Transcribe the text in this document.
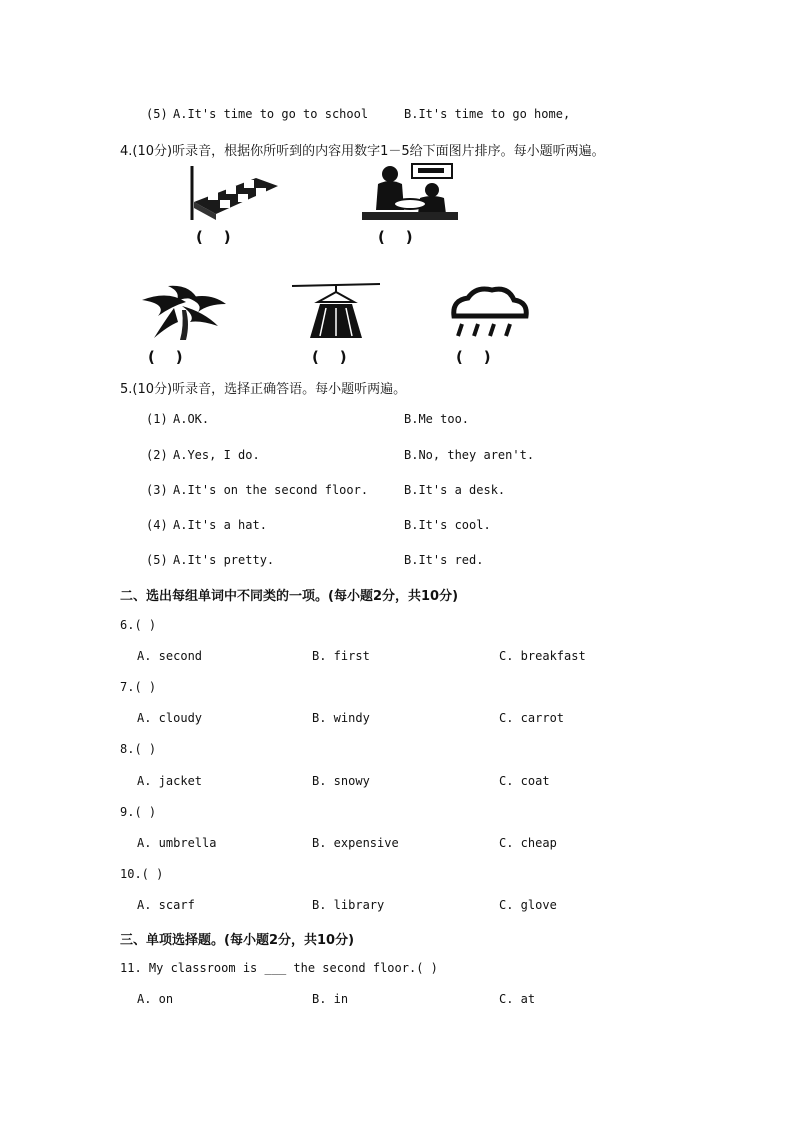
(5) A.It's time to go to school	B.It's time to go home,
4.(10分)听录音，根据你所听到的内容用数字1－5给下面图片排序。每小题听两遍。
(    )	(    )
(    )	(    )	(    )
5.(10分)听录音，选择正确答语。每小题听两遍。
(1) A.OK.	B.Me too.
(2) A.Yes, I do.	B.No, they aren't.
(3) A.It's on the second floor.	B.It's a desk.
(4) A.It's a hat.	B.It's cool.
(5) A.It's pretty.	B.It's red.
二、选出每组单词中不同类的一项。(每小题2分，共10分)
6.( )
A. second	B. first	C. breakfast
7.( )
A. cloudy	B. windy	C. carrot
8.( )
A. jacket	B. snowy	C. coat
9.( )
A. umbrella	B. expensive	C. cheap
10.( )
A. scarf	B. library	C. glove
三、单项选择题。(每小题2分，共10分)
11. My classroom is ___ the second floor.( )
A. on	B. in	C. at
